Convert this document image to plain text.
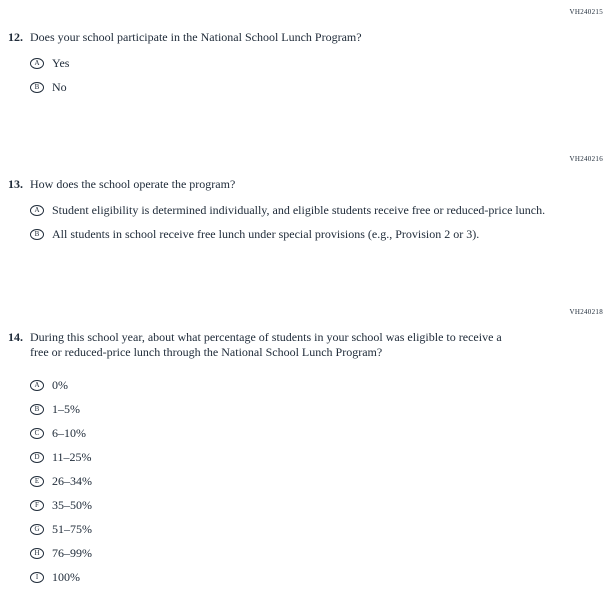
VH240215
12. Does your school participate in the National School Lunch Program?
A	Yes
B	No
VH240216
13. How does the school operate the program?
A	Student eligibility is determined individually, and eligible students receive free or reduced-price lunch.
B	All students in school receive free lunch under special provisions (e.g., Provision 2 or 3).
VH240218
14. During this school year, about what percentage of students in your school was eligible to receive a free or reduced-price lunch through the National School Lunch Program?
A	0%
B	1–5%
C	6–10%
D	11–25%
E	26–34%
F	35–50%
G	51–75%
H	76–99%
I	100%
